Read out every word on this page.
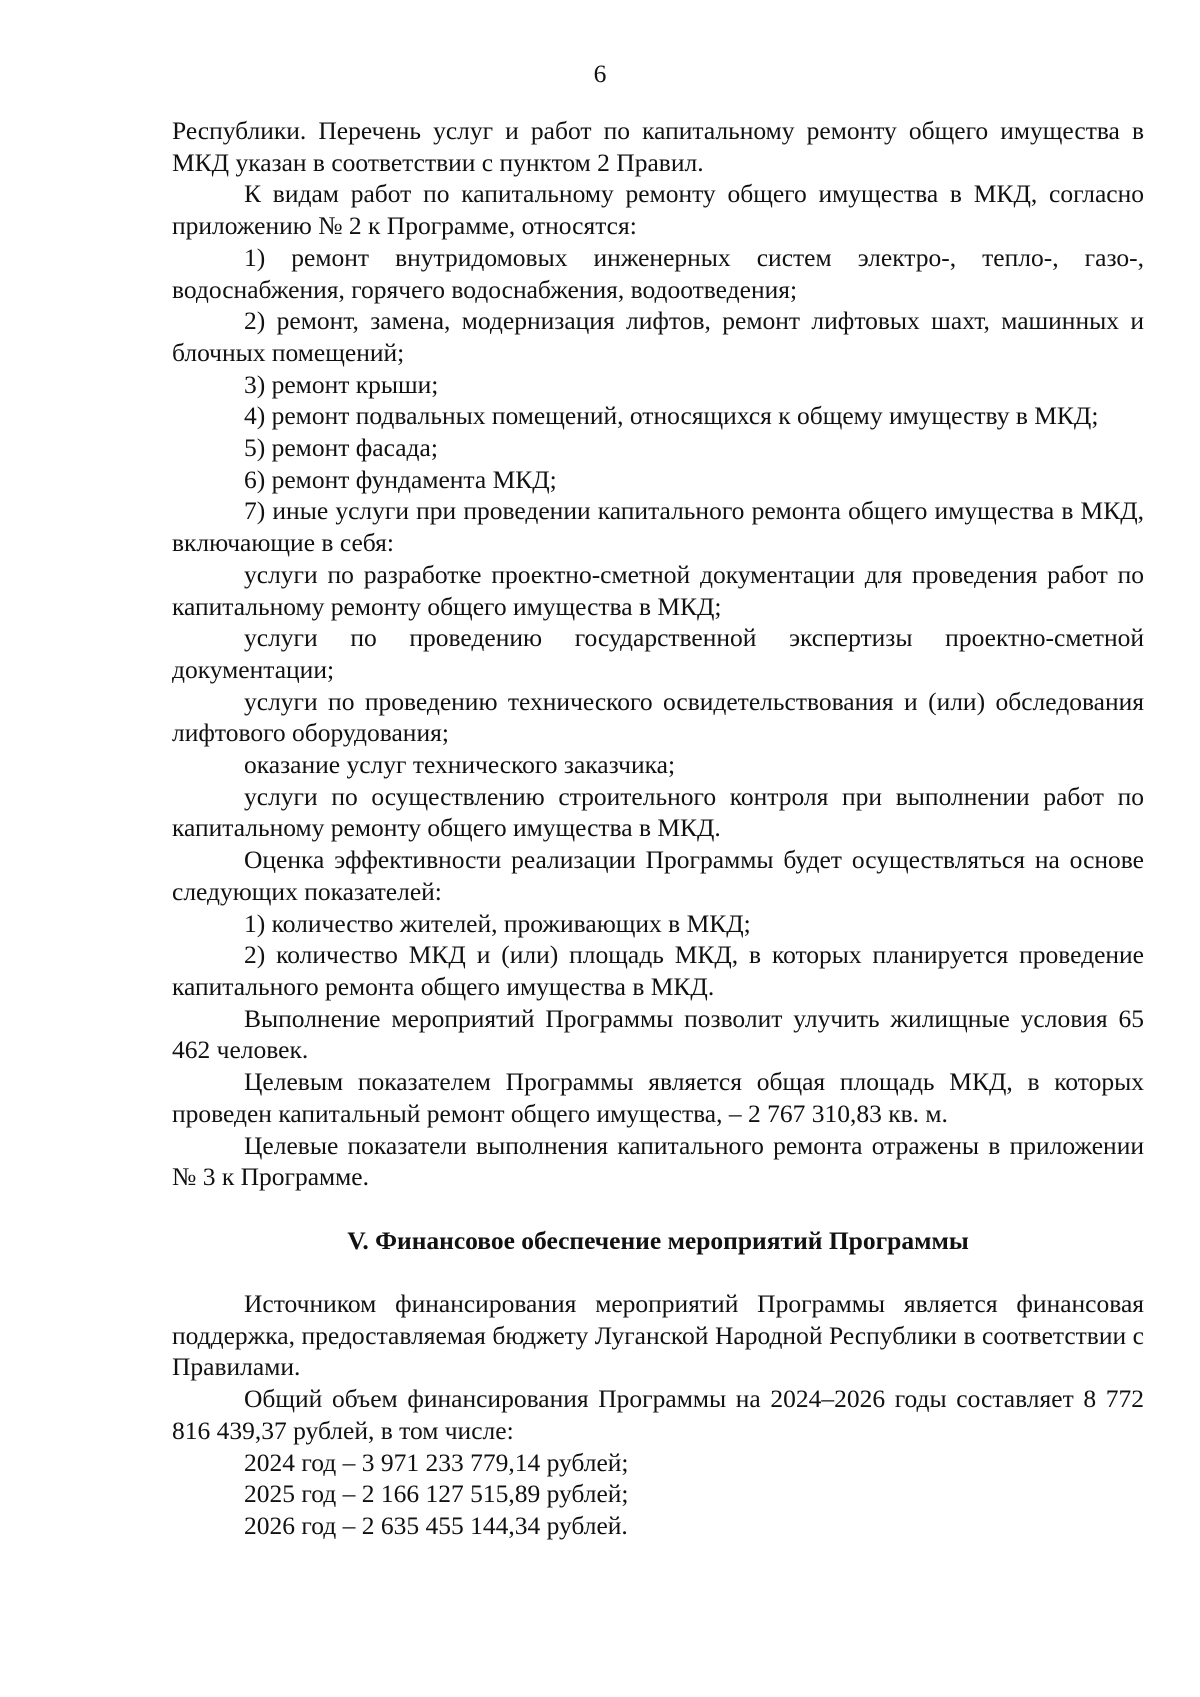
6

Республики. Перечень услуг и работ по капитальному ремонту общего имущества в МКД указан в соответствии с пунктом 2 Правил.

К видам работ по капитальному ремонту общего имущества в МКД, согласно приложению № 2 к Программе, относятся:

1) ремонт внутридомовых инженерных систем электро-, тепло-, газо-, водоснабжения, горячего водоснабжения, водоотведения;

2) ремонт, замена, модернизация лифтов, ремонт лифтовых шахт, машинных и блочных помещений;

3) ремонт крыши;

4) ремонт подвальных помещений, относящихся к общему имуществу в МКД;

5) ремонт фасада;

6) ремонт фундамента МКД;

7) иные услуги при проведении капитального ремонта общего имущества в МКД, включающие в себя:

услуги по разработке проектно-сметной документации для проведения работ по капитальному ремонту общего имущества в МКД;

услуги по проведению государственной экспертизы проектно-сметной документации;

услуги по проведению технического освидетельствования и (или) обследования лифтового оборудования;

оказание услуг технического заказчика;

услуги по осуществлению строительного контроля при выполнении работ по капитальному ремонту общего имущества в МКД.

Оценка эффективности реализации Программы будет осуществляться на основе следующих показателей:

1) количество жителей, проживающих в МКД;

2) количество МКД и (или) площадь МКД, в которых планируется проведение капитального ремонта общего имущества в МКД.

Выполнение мероприятий Программы позволит улучить жилищные условия 65 462 человек.

Целевым показателем Программы является общая площадь МКД, в которых проведен капитальный ремонт общего имущества, – 2 767 310,83 кв. м.

Целевые показатели выполнения капитального ремонта отражены в приложении № 3 к Программе.

V. Финансовое обеспечение мероприятий Программы

Источником финансирования мероприятий Программы является финансовая поддержка, предоставляемая бюджету Луганской Народной Республики в соответствии с Правилами.

Общий объем финансирования Программы на 2024–2026 годы составляет 8 772 816 439,37 рублей, в том числе:

2024 год – 3 971 233 779,14 рублей;

2025 год – 2 166 127 515,89 рублей;

2026 год – 2 635 455 144,34 рублей.
